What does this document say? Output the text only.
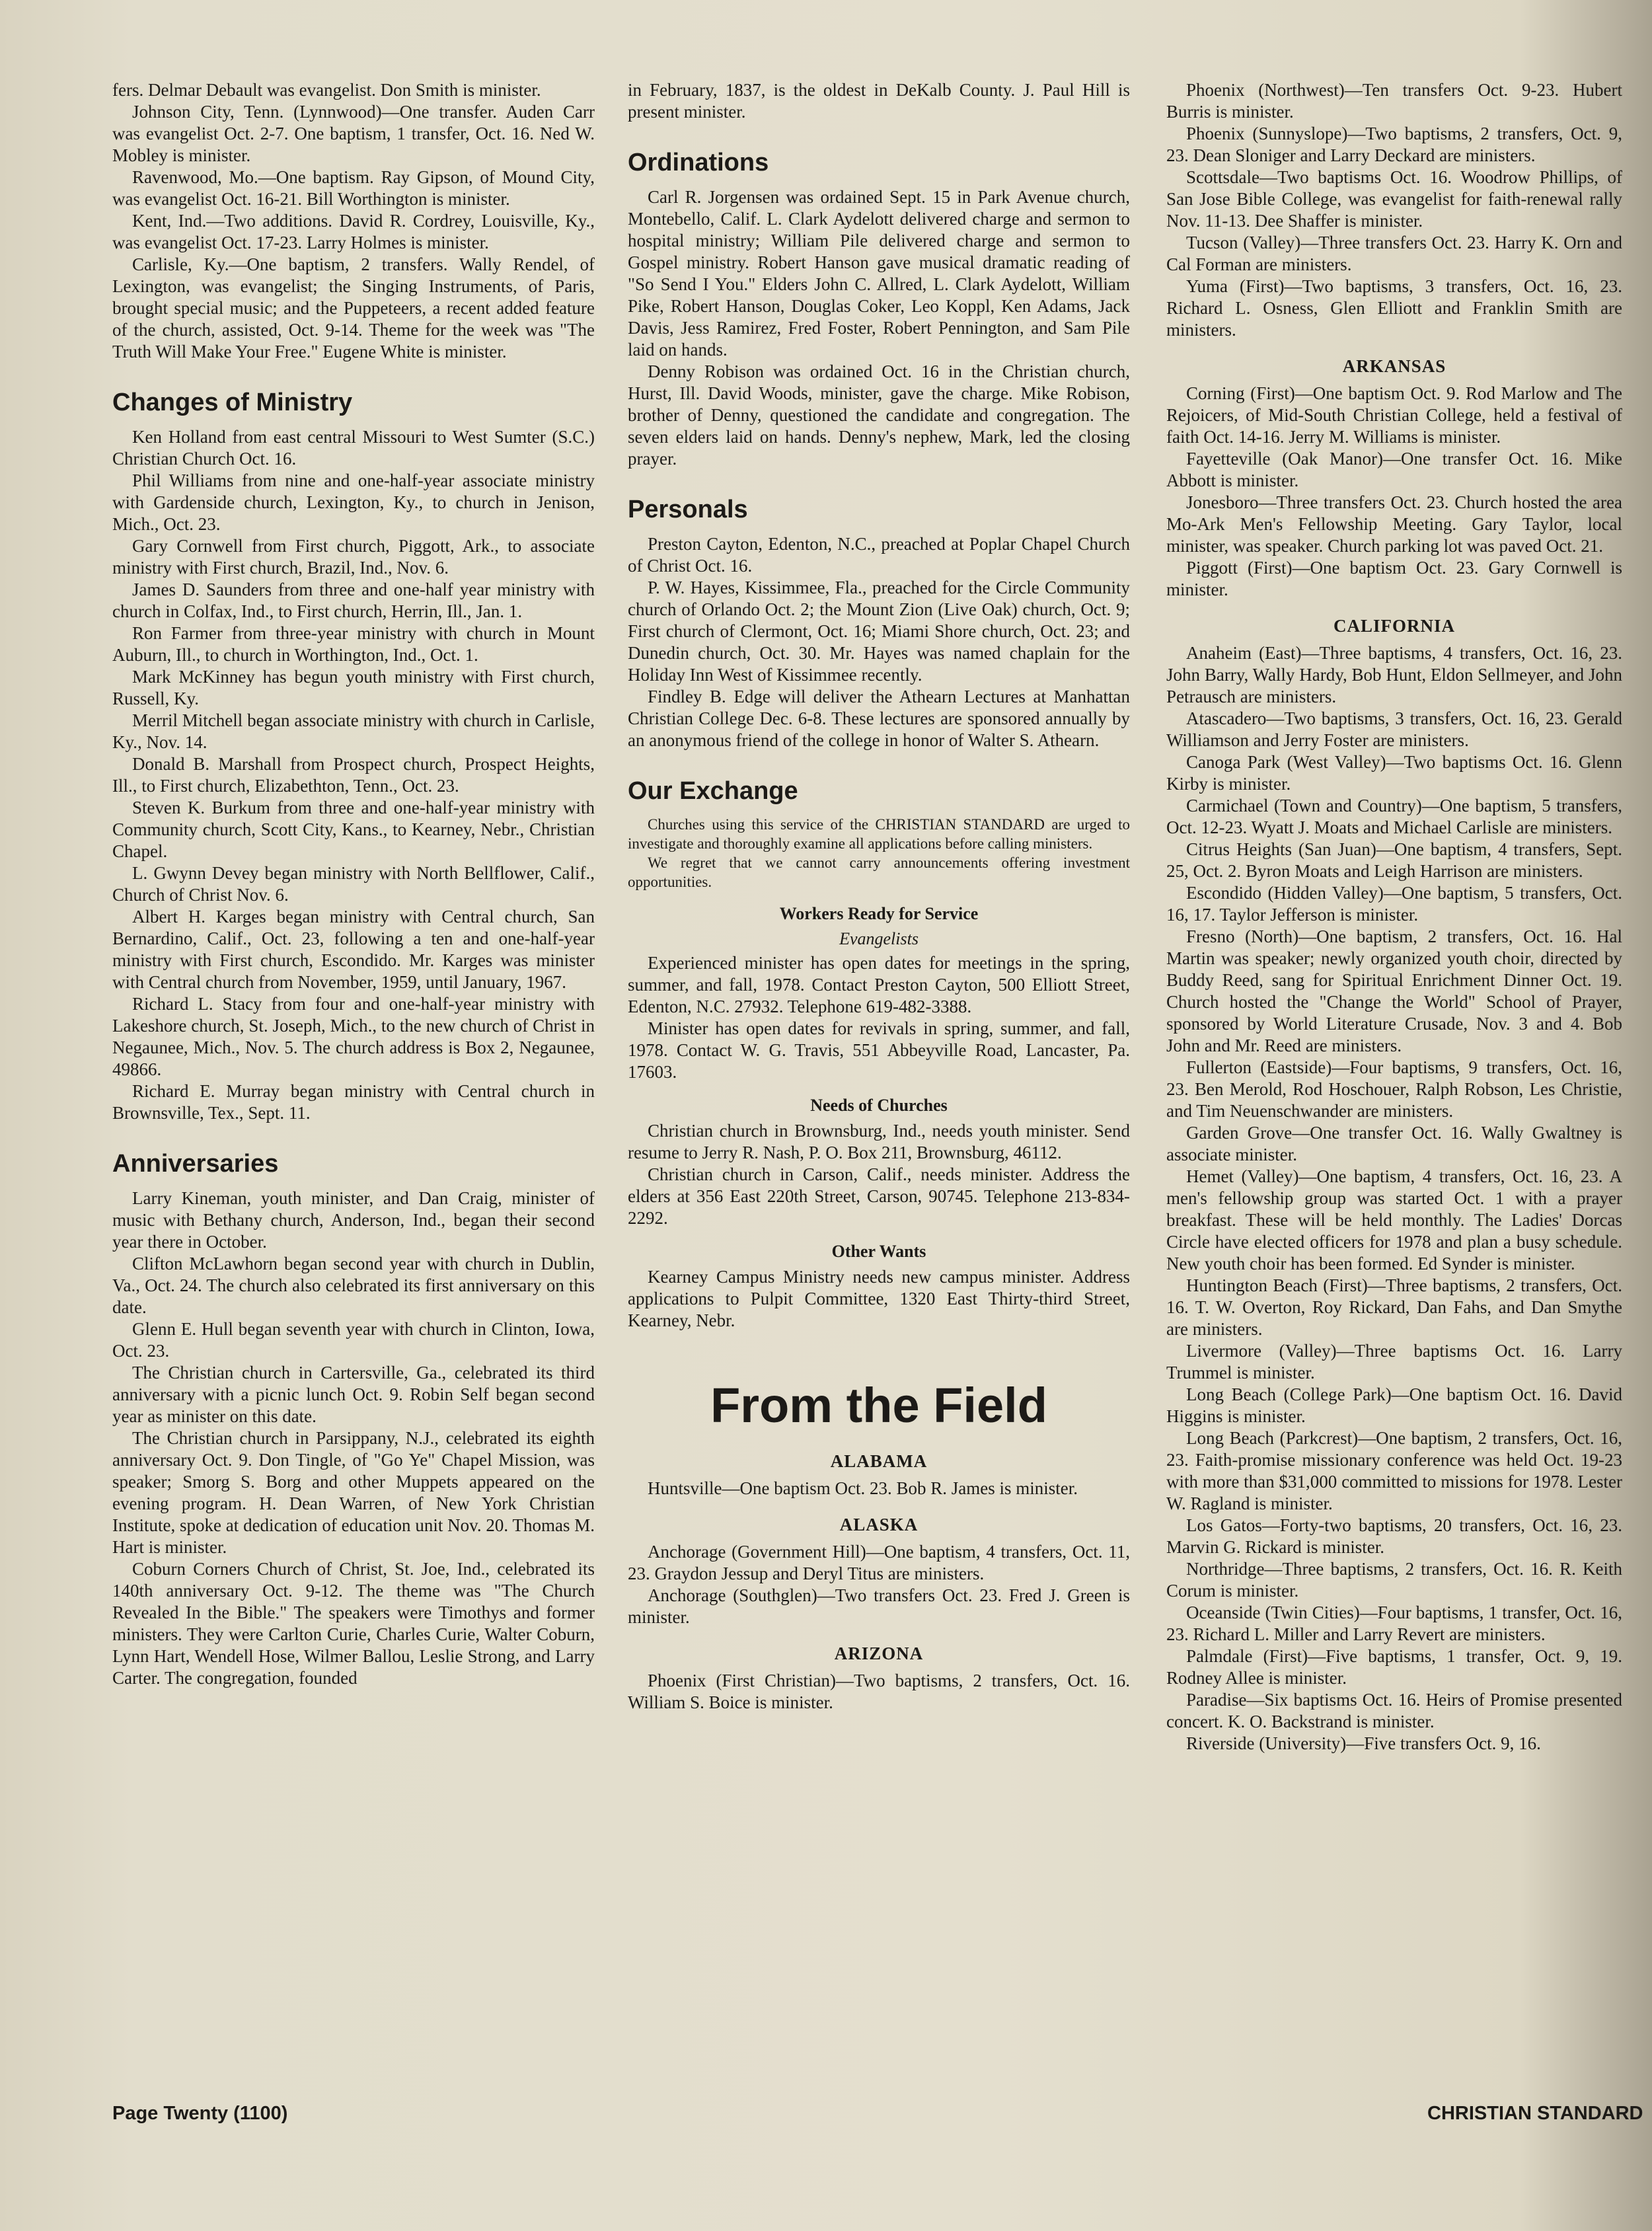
fers. Delmar Debault was evangelist. Don Smith is minister.

Johnson City, Tenn. (Lynnwood)—One transfer. Auden Carr was evangelist Oct. 2-7. One baptism, 1 transfer, Oct. 16. Ned W. Mobley is minister.

Ravenwood, Mo.—One baptism. Ray Gipson, of Mound City, was evangelist Oct. 16-21. Bill Worthington is minister.

Kent, Ind.—Two additions. David R. Cordrey, Louisville, Ky., was evangelist Oct. 17-23. Larry Holmes is minister.

Carlisle, Ky.—One baptism, 2 transfers. Wally Rendel, of Lexington, was evangelist; the Singing Instruments, of Paris, brought special music; and the Puppeteers, a recent added feature of the church, assisted, Oct. 9-14. Theme for the week was "The Truth Will Make Your Free." Eugene White is minister.

Changes of Ministry

Ken Holland from east central Missouri to West Sumter (S.C.) Christian Church Oct. 16.

Phil Williams from nine and one-half-year associate ministry with Gardenside church, Lexington, Ky., to church in Jenison, Mich., Oct. 23.

Gary Cornwell from First church, Piggott, Ark., to associate ministry with First church, Brazil, Ind., Nov. 6.

James D. Saunders from three and one-half year ministry with church in Colfax, Ind., to First church, Herrin, Ill., Jan. 1.

Ron Farmer from three-year ministry with church in Mount Auburn, Ill., to church in Worthington, Ind., Oct. 1.

Mark McKinney has begun youth ministry with First church, Russell, Ky.

Merril Mitchell began associate ministry with church in Carlisle, Ky., Nov. 14.

Donald B. Marshall from Prospect church, Prospect Heights, Ill., to First church, Elizabethton, Tenn., Oct. 23.

Steven K. Burkum from three and one-half-year ministry with Community church, Scott City, Kans., to Kearney, Nebr., Christian Chapel.

L. Gwynn Devey began ministry with North Bellflower, Calif., Church of Christ Nov. 6.

Albert H. Karges began ministry with Central church, San Bernardino, Calif., Oct. 23, following a ten and one-half-year ministry with First church, Escondido. Mr. Karges was minister with Central church from November, 1959, until January, 1967.

Richard L. Stacy from four and one-half-year ministry with Lakeshore church, St. Joseph, Mich., to the new church of Christ in Negaunee, Mich., Nov. 5. The church address is Box 2, Negaunee, 49866.

Richard E. Murray began ministry with Central church in Brownsville, Tex., Sept. 11.

Anniversaries

Larry Kineman, youth minister, and Dan Craig, minister of music with Bethany church, Anderson, Ind., began their second year there in October.

Clifton McLawhorn began second year with church in Dublin, Va., Oct. 24. The church also celebrated its first anniversary on this date.

Glenn E. Hull began seventh year with church in Clinton, Iowa, Oct. 23.

The Christian church in Cartersville, Ga., celebrated its third anniversary with a picnic lunch Oct. 9. Robin Self began second year as minister on this date.

The Christian church in Parsippany, N.J., celebrated its eighth anniversary Oct. 9. Don Tingle, of "Go Ye" Chapel Mission, was speaker; Smorg S. Borg and other Muppets appeared on the evening program. H. Dean Warren, of New York Christian Institute, spoke at dedication of education unit Nov. 20. Thomas M. Hart is minister.

Coburn Corners Church of Christ, St. Joe, Ind., celebrated its 140th anniversary Oct. 9-12. The theme was "The Church Revealed In the Bible." The speakers were Timothys and former ministers. They were Carlton Curie, Charles Curie, Walter Coburn, Lynn Hart, Wendell Hose, Wilmer Ballou, Leslie Strong, and Larry Carter. The congregation, founded

in February, 1837, is the oldest in DeKalb County. J. Paul Hill is present minister.

Ordinations

Carl R. Jorgensen was ordained Sept. 15 in Park Avenue church, Montebello, Calif. L. Clark Aydelott delivered charge and sermon to hospital ministry; William Pile delivered charge and sermon to Gospel ministry. Robert Hanson gave musical dramatic reading of "So Send I You." Elders John C. Allred, L. Clark Aydelott, William Pike, Robert Hanson, Douglas Coker, Leo Koppl, Ken Adams, Jack Davis, Jess Ramirez, Fred Foster, Robert Pennington, and Sam Pile laid on hands.

Denny Robison was ordained Oct. 16 in the Christian church, Hurst, Ill. David Woods, minister, gave the charge. Mike Robison, brother of Denny, questioned the candidate and congregation. The seven elders laid on hands. Denny's nephew, Mark, led the closing prayer.

Personals

Preston Cayton, Edenton, N.C., preached at Poplar Chapel Church of Christ Oct. 16.

P. W. Hayes, Kissimmee, Fla., preached for the Circle Community church of Orlando Oct. 2; the Mount Zion (Live Oak) church, Oct. 9; First church of Clermont, Oct. 16; Miami Shore church, Oct. 23; and Dunedin church, Oct. 30. Mr. Hayes was named chaplain for the Holiday Inn West of Kissimmee recently.

Findley B. Edge will deliver the Athearn Lectures at Manhattan Christian College Dec. 6-8. These lectures are sponsored annually by an anonymous friend of the college in honor of Walter S. Athearn.

Our Exchange

Churches using this service of the CHRISTIAN STANDARD are urged to investigate and thoroughly examine all applications before calling ministers.

We regret that we cannot carry announcements offering investment opportunities.

Workers Ready for Service

Evangelists

Experienced minister has open dates for meetings in the spring, summer, and fall, 1978. Contact Preston Cayton, 500 Elliott Street, Edenton, N.C. 27932. Telephone 619-482-3388.

Minister has open dates for revivals in spring, summer, and fall, 1978. Contact W. G. Travis, 551 Abbeyville Road, Lancaster, Pa. 17603.

Needs of Churches

Christian church in Brownsburg, Ind., needs youth minister. Send resume to Jerry R. Nash, P. O. Box 211, Brownsburg, 46112.

Christian church in Carson, Calif., needs minister. Address the elders at 356 East 220th Street, Carson, 90745. Telephone 213-834-2292.

Other Wants

Kearney Campus Ministry needs new campus minister. Address applications to Pulpit Committee, 1320 East Thirty-third Street, Kearney, Nebr.

From the Field
ALABAMA

Huntsville—One baptism Oct. 23. Bob R. James is minister.

ALASKA

Anchorage (Government Hill)—One baptism, 4 transfers, Oct. 11, 23. Graydon Jessup and Deryl Titus are ministers.

Anchorage (Southglen)—Two transfers Oct. 23. Fred J. Green is minister.

ARIZONA

Phoenix (First Christian)—Two baptisms, 2 transfers, Oct. 16. William S. Boice is minister.

Phoenix (Northwest)—Ten transfers Oct. 9-23. Hubert Burris is minister.

Phoenix (Sunnyslope)—Two baptisms, 2 transfers, Oct. 9, 23. Dean Sloniger and Larry Deckard are ministers.

Scottsdale—Two baptisms Oct. 16. Woodrow Phillips, of San Jose Bible College, was evangelist for faith-renewal rally Nov. 11-13. Dee Shaffer is minister.

Tucson (Valley)—Three transfers Oct. 23. Harry K. Orn and Cal Forman are ministers.

Yuma (First)—Two baptisms, 3 transfers, Oct. 16, 23. Richard L. Osness, Glen Elliott and Franklin Smith are ministers.

ARKANSAS

Corning (First)—One baptism Oct. 9. Rod Marlow and The Rejoicers, of Mid-South Christian College, held a festival of faith Oct. 14-16. Jerry M. Williams is minister.

Fayetteville (Oak Manor)—One transfer Oct. 16. Mike Abbott is minister.

Jonesboro—Three transfers Oct. 23. Church hosted the area Mo-Ark Men's Fellowship Meeting. Gary Taylor, local minister, was speaker. Church parking lot was paved Oct. 21.

Piggott (First)—One baptism Oct. 23. Gary Cornwell is minister.

CALIFORNIA

Anaheim (East)—Three baptisms, 4 transfers, Oct. 16, 23. John Barry, Wally Hardy, Bob Hunt, Eldon Sellmeyer, and John Petrausch are ministers.

Atascadero—Two baptisms, 3 transfers, Oct. 16, 23. Gerald Williamson and Jerry Foster are ministers.

Canoga Park (West Valley)—Two baptisms Oct. 16. Glenn Kirby is minister.

Carmichael (Town and Country)—One baptism, 5 transfers, Oct. 12-23. Wyatt J. Moats and Michael Carlisle are ministers.

Citrus Heights (San Juan)—One baptism, 4 transfers, Sept. 25, Oct. 2. Byron Moats and Leigh Harrison are ministers.

Escondido (Hidden Valley)—One baptism, 5 transfers, Oct. 16, 17. Taylor Jefferson is minister.

Fresno (North)—One baptism, 2 transfers, Oct. 16. Hal Martin was speaker; newly organized youth choir, directed by Buddy Reed, sang for Spiritual Enrichment Dinner Oct. 19. Church hosted the "Change the World" School of Prayer, sponsored by World Literature Crusade, Nov. 3 and 4. Bob John and Mr. Reed are ministers.

Fullerton (Eastside)—Four baptisms, 9 transfers, Oct. 16, 23. Ben Merold, Rod Hoschouer, Ralph Robson, Les Christie, and Tim Neuenschwander are ministers.

Garden Grove—One transfer Oct. 16. Wally Gwaltney is associate minister.

Hemet (Valley)—One baptism, 4 transfers, Oct. 16, 23. A men's fellowship group was started Oct. 1 with a prayer breakfast. These will be held monthly. The Ladies' Dorcas Circle have elected officers for 1978 and plan a busy schedule. New youth choir has been formed. Ed Synder is minister.

Huntington Beach (First)—Three baptisms, 2 transfers, Oct. 16. T. W. Overton, Roy Rickard, Dan Fahs, and Dan Smythe are ministers.

Livermore (Valley)—Three baptisms Oct. 16. Larry Trummel is minister.

Long Beach (College Park)—One baptism Oct. 16. David Higgins is minister.

Long Beach (Parkcrest)—One baptism, 2 transfers, Oct. 16, 23. Faith-promise missionary conference was held Oct. 19-23 with more than $31,000 committed to missions for 1978. Lester W. Ragland is minister.

Los Gatos—Forty-two baptisms, 20 transfers, Oct. 16, 23. Marvin G. Rickard is minister.

Northridge—Three baptisms, 2 transfers, Oct. 16. R. Keith Corum is minister.

Oceanside (Twin Cities)—Four baptisms, 1 transfer, Oct. 16, 23. Richard L. Miller and Larry Revert are ministers.

Palmdale (First)—Five baptisms, 1 transfer, Oct. 9, 19. Rodney Allee is minister.

Paradise—Six baptisms Oct. 16. Heirs of Promise presented concert. K. O. Backstrand is minister.

Riverside (University)—Five transfers Oct. 9, 16.

Page Twenty (1100)	CHRISTIAN STANDARD
